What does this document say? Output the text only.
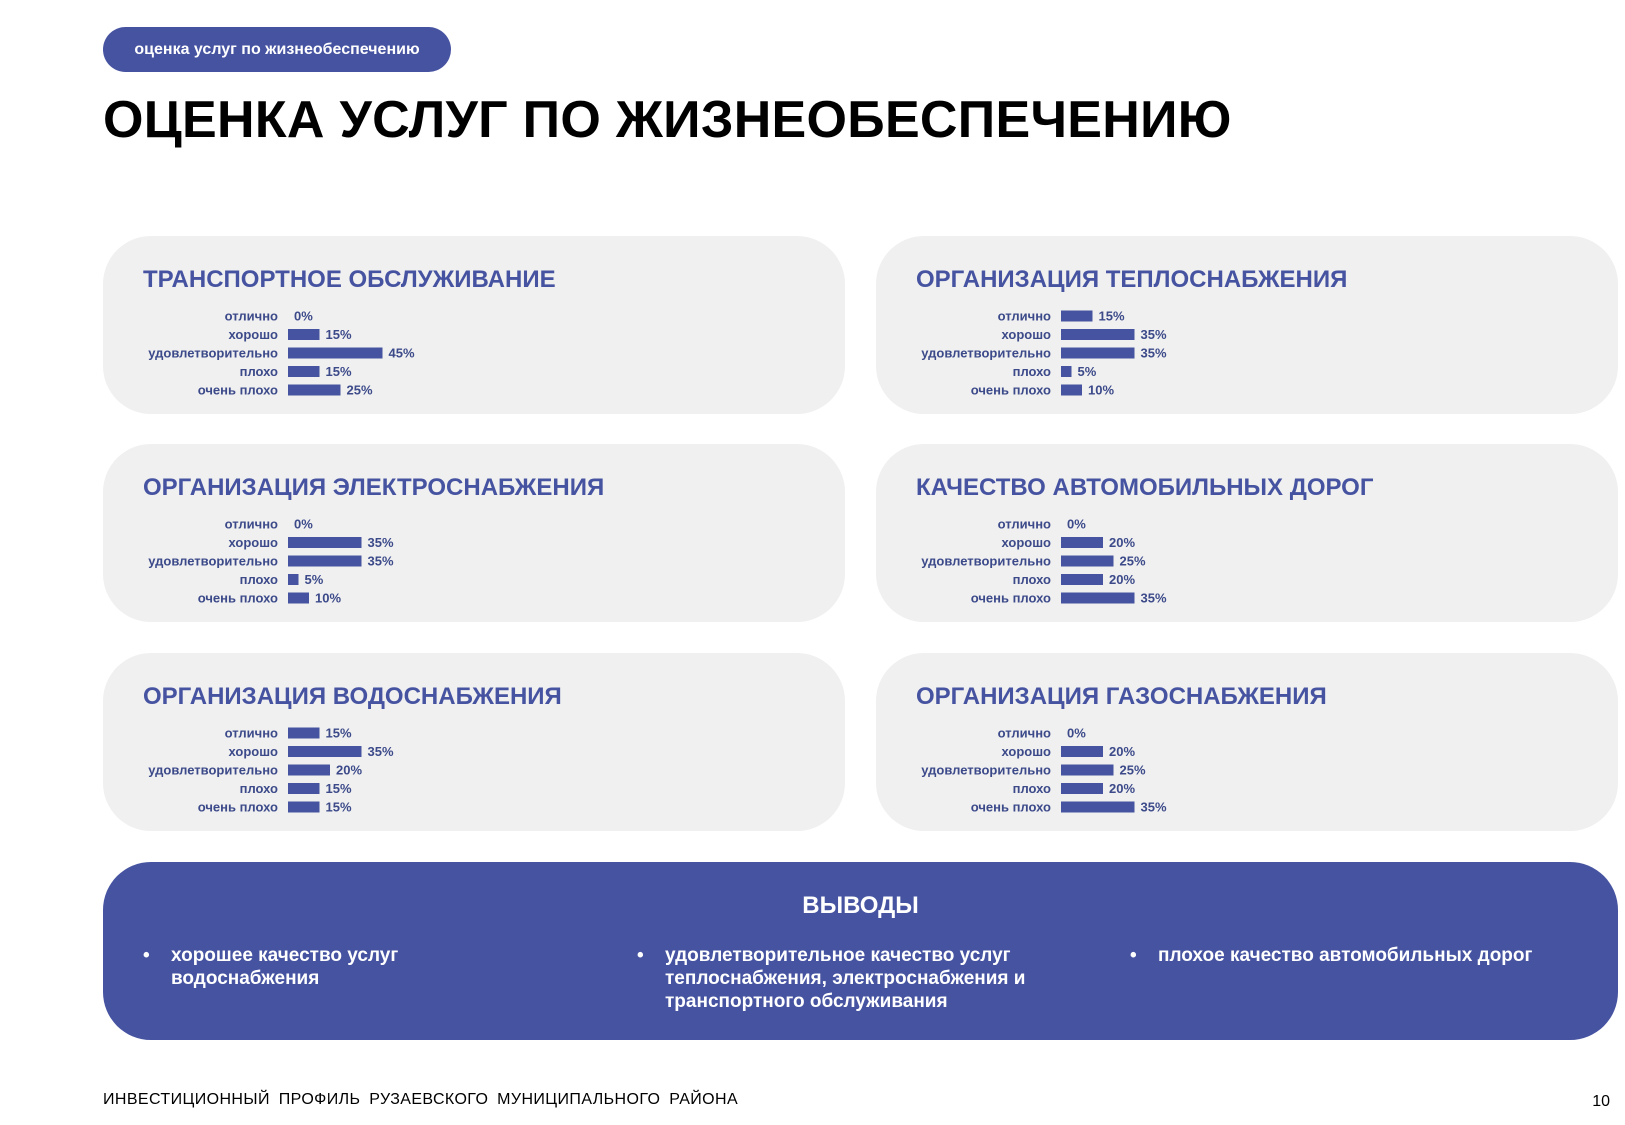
оценка услуг по жизнеобеспечению
ОЦЕНКА УСЛУГ ПО ЖИЗНЕОБЕСПЕЧЕНИЮ
ТРАНСПОРТНОЕ ОБСЛУЖИВАНИЕ
отлично 0%
хорошо	15%
удовлетворительно	45%
плохо	15%
очень плохо	25%
ОРГАНИЗАЦИЯ ТЕПЛОСНАБЖЕНИЯ
отлично	15%
хорошо	35%
удовлетворительно	35%
плохо 5%
очень плохо	10%
ОРГАНИЗАЦИЯ ЭЛЕКТРОСНАБЖЕНИЯ
отлично 0%
хорошо	35%
удовлетворительно	35%
плохо 5%
очень плохо	10%
КАЧЕСТВО АВТОМОБИЛЬНЫХ ДОРОГ
отлично 0%
хорошо	20%
удовлетворительно	25%
плохо	20%
очень плохо	35%
ОРГАНИЗАЦИЯ ВОДОСНАБЖЕНИЯ
отлично	15%
хорошо	35%
удовлетворительно	20%
плохо	15%
очень плохо	15%
ОРГАНИЗАЦИЯ ГАЗОСНАБЖЕНИЯ
отлично 0%
хорошо	20%
удовлетворительно	25%
плохо	20%
очень плохо	35%
ВЫВОДЫ
• хорошее качество услуг водоснабжения
• удовлетворительное качество услуг теплоснабжения, электроснабжения и транспортного обслуживания
• плохое качество автомобильных дорог
ИНВЕСТИЦИОННЫЙ ПРОФИЛЬ РУЗАЕВСКОГО МУНИЦИПАЛЬНОГО РАЙОНА	10
